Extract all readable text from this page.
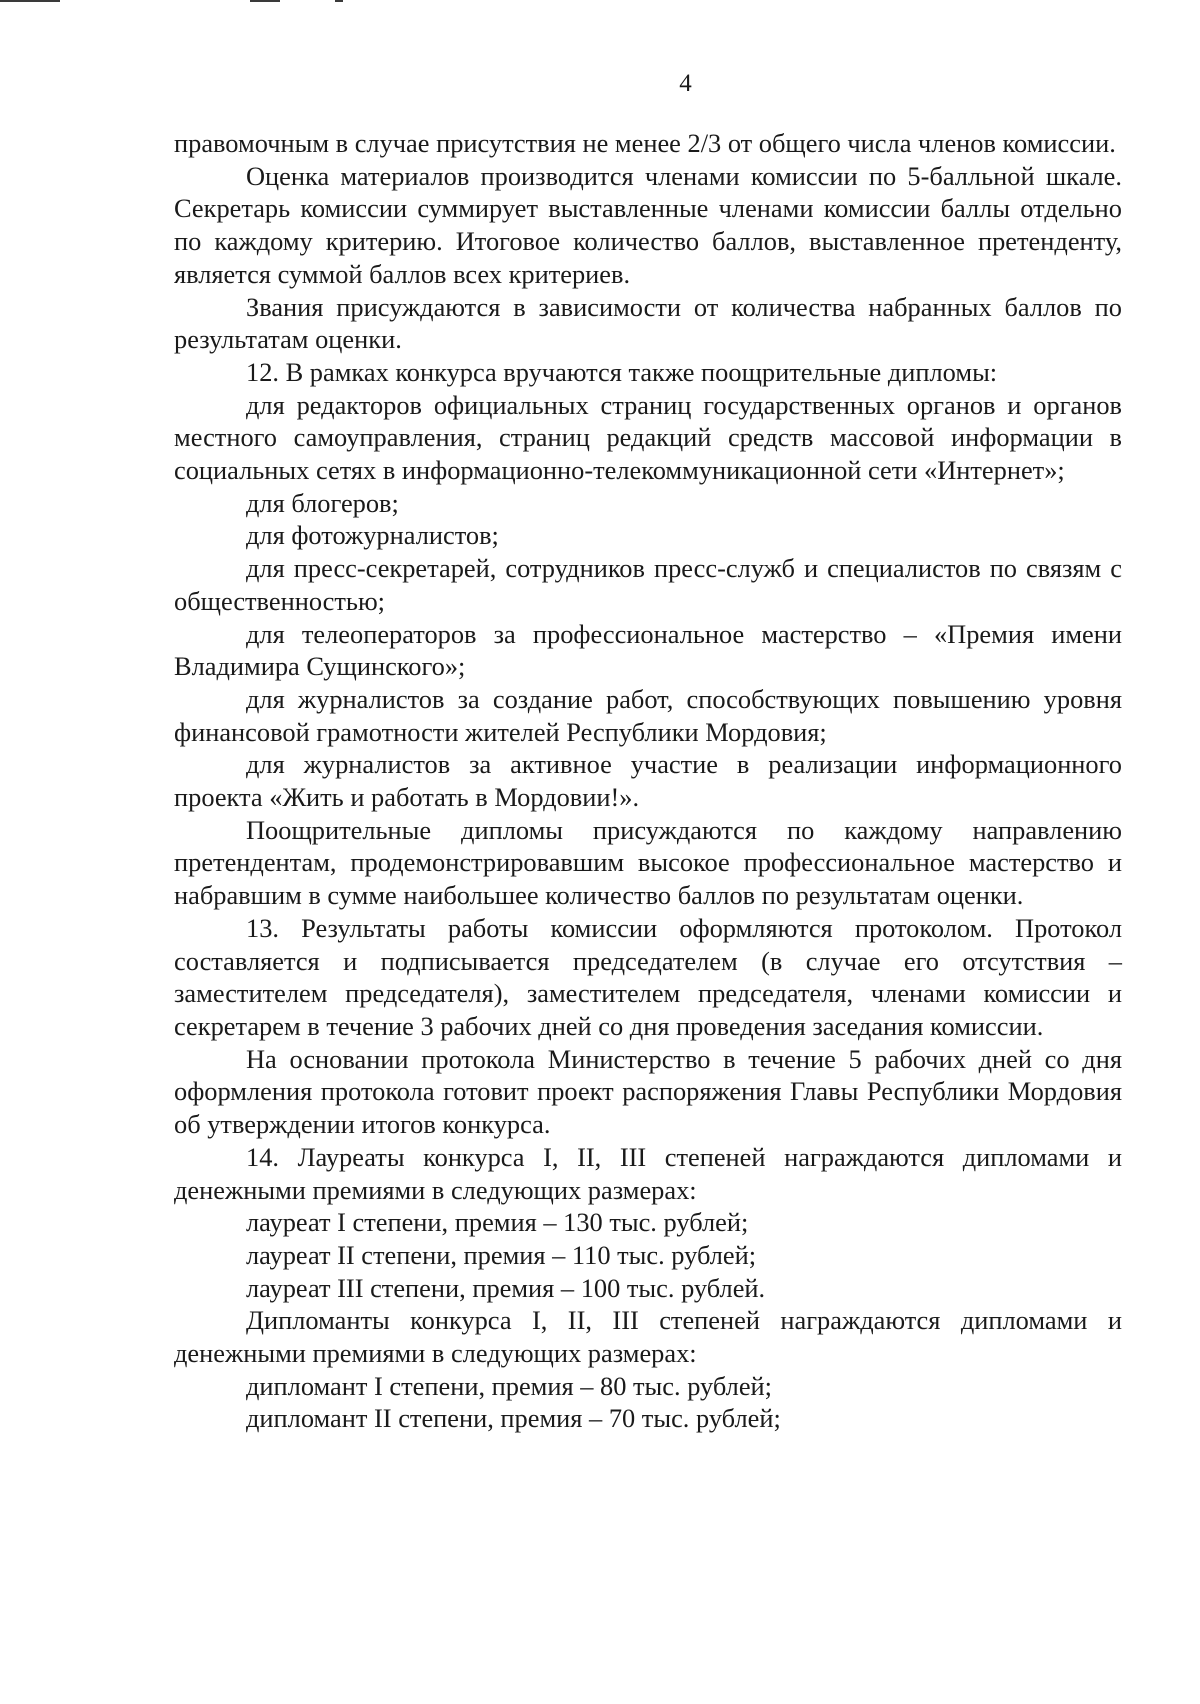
4

правомочным в случае присутствия не менее 2/3 от общего числа членов комиссии.

Оценка материалов производится членами комиссии по 5-балльной шкале. Секретарь комиссии суммирует выставленные членами комиссии баллы отдельно по каждому критерию. Итоговое количество баллов, выставленное претенденту, является суммой баллов всех критериев.

Звания присуждаются в зависимости от количества набранных баллов по результатам оценки.

12. В рамках конкурса вручаются также поощрительные дипломы:

для редакторов официальных страниц государственных органов и органов местного самоуправления, страниц редакций средств массовой информации в социальных сетях в информационно-телекоммуникационной сети «Интернет»;

для блогеров;

для фотожурналистов;

для пресс-секретарей, сотрудников пресс-служб и специалистов по связям с общественностью;

для телеоператоров за профессиональное мастерство – «Премия имени Владимира Сущинского»;

для журналистов за создание работ, способствующих повышению уровня финансовой грамотности жителей Республики Мордовия;

для журналистов за активное участие в реализации информационного проекта «Жить и работать в Мордовии!».

Поощрительные дипломы присуждаются по каждому направлению претендентам, продемонстрировавшим высокое профессиональное мастерство и набравшим в сумме наибольшее количество баллов по результатам оценки.

13. Результаты работы комиссии оформляются протоколом. Протокол составляется и подписывается председателем (в случае его отсутствия – заместителем председателя), заместителем председателя, членами комиссии и секретарем в течение 3 рабочих дней со дня проведения заседания комиссии.

На основании протокола Министерство в течение 5 рабочих дней со дня оформления протокола готовит проект распоряжения Главы Республики Мордовия об утверждении итогов конкурса.

14. Лауреаты конкурса I, II, III степеней награждаются дипломами и денежными премиями в следующих размерах:

лауреат I степени, премия – 130 тыс. рублей;

лауреат II степени, премия – 110 тыс. рублей;

лауреат III степени, премия – 100 тыс. рублей.

Дипломанты конкурса I, II, III степеней награждаются дипломами и денежными премиями в следующих размерах:

дипломант I степени, премия – 80 тыс. рублей;

дипломант II степени, премия – 70 тыс. рублей;
